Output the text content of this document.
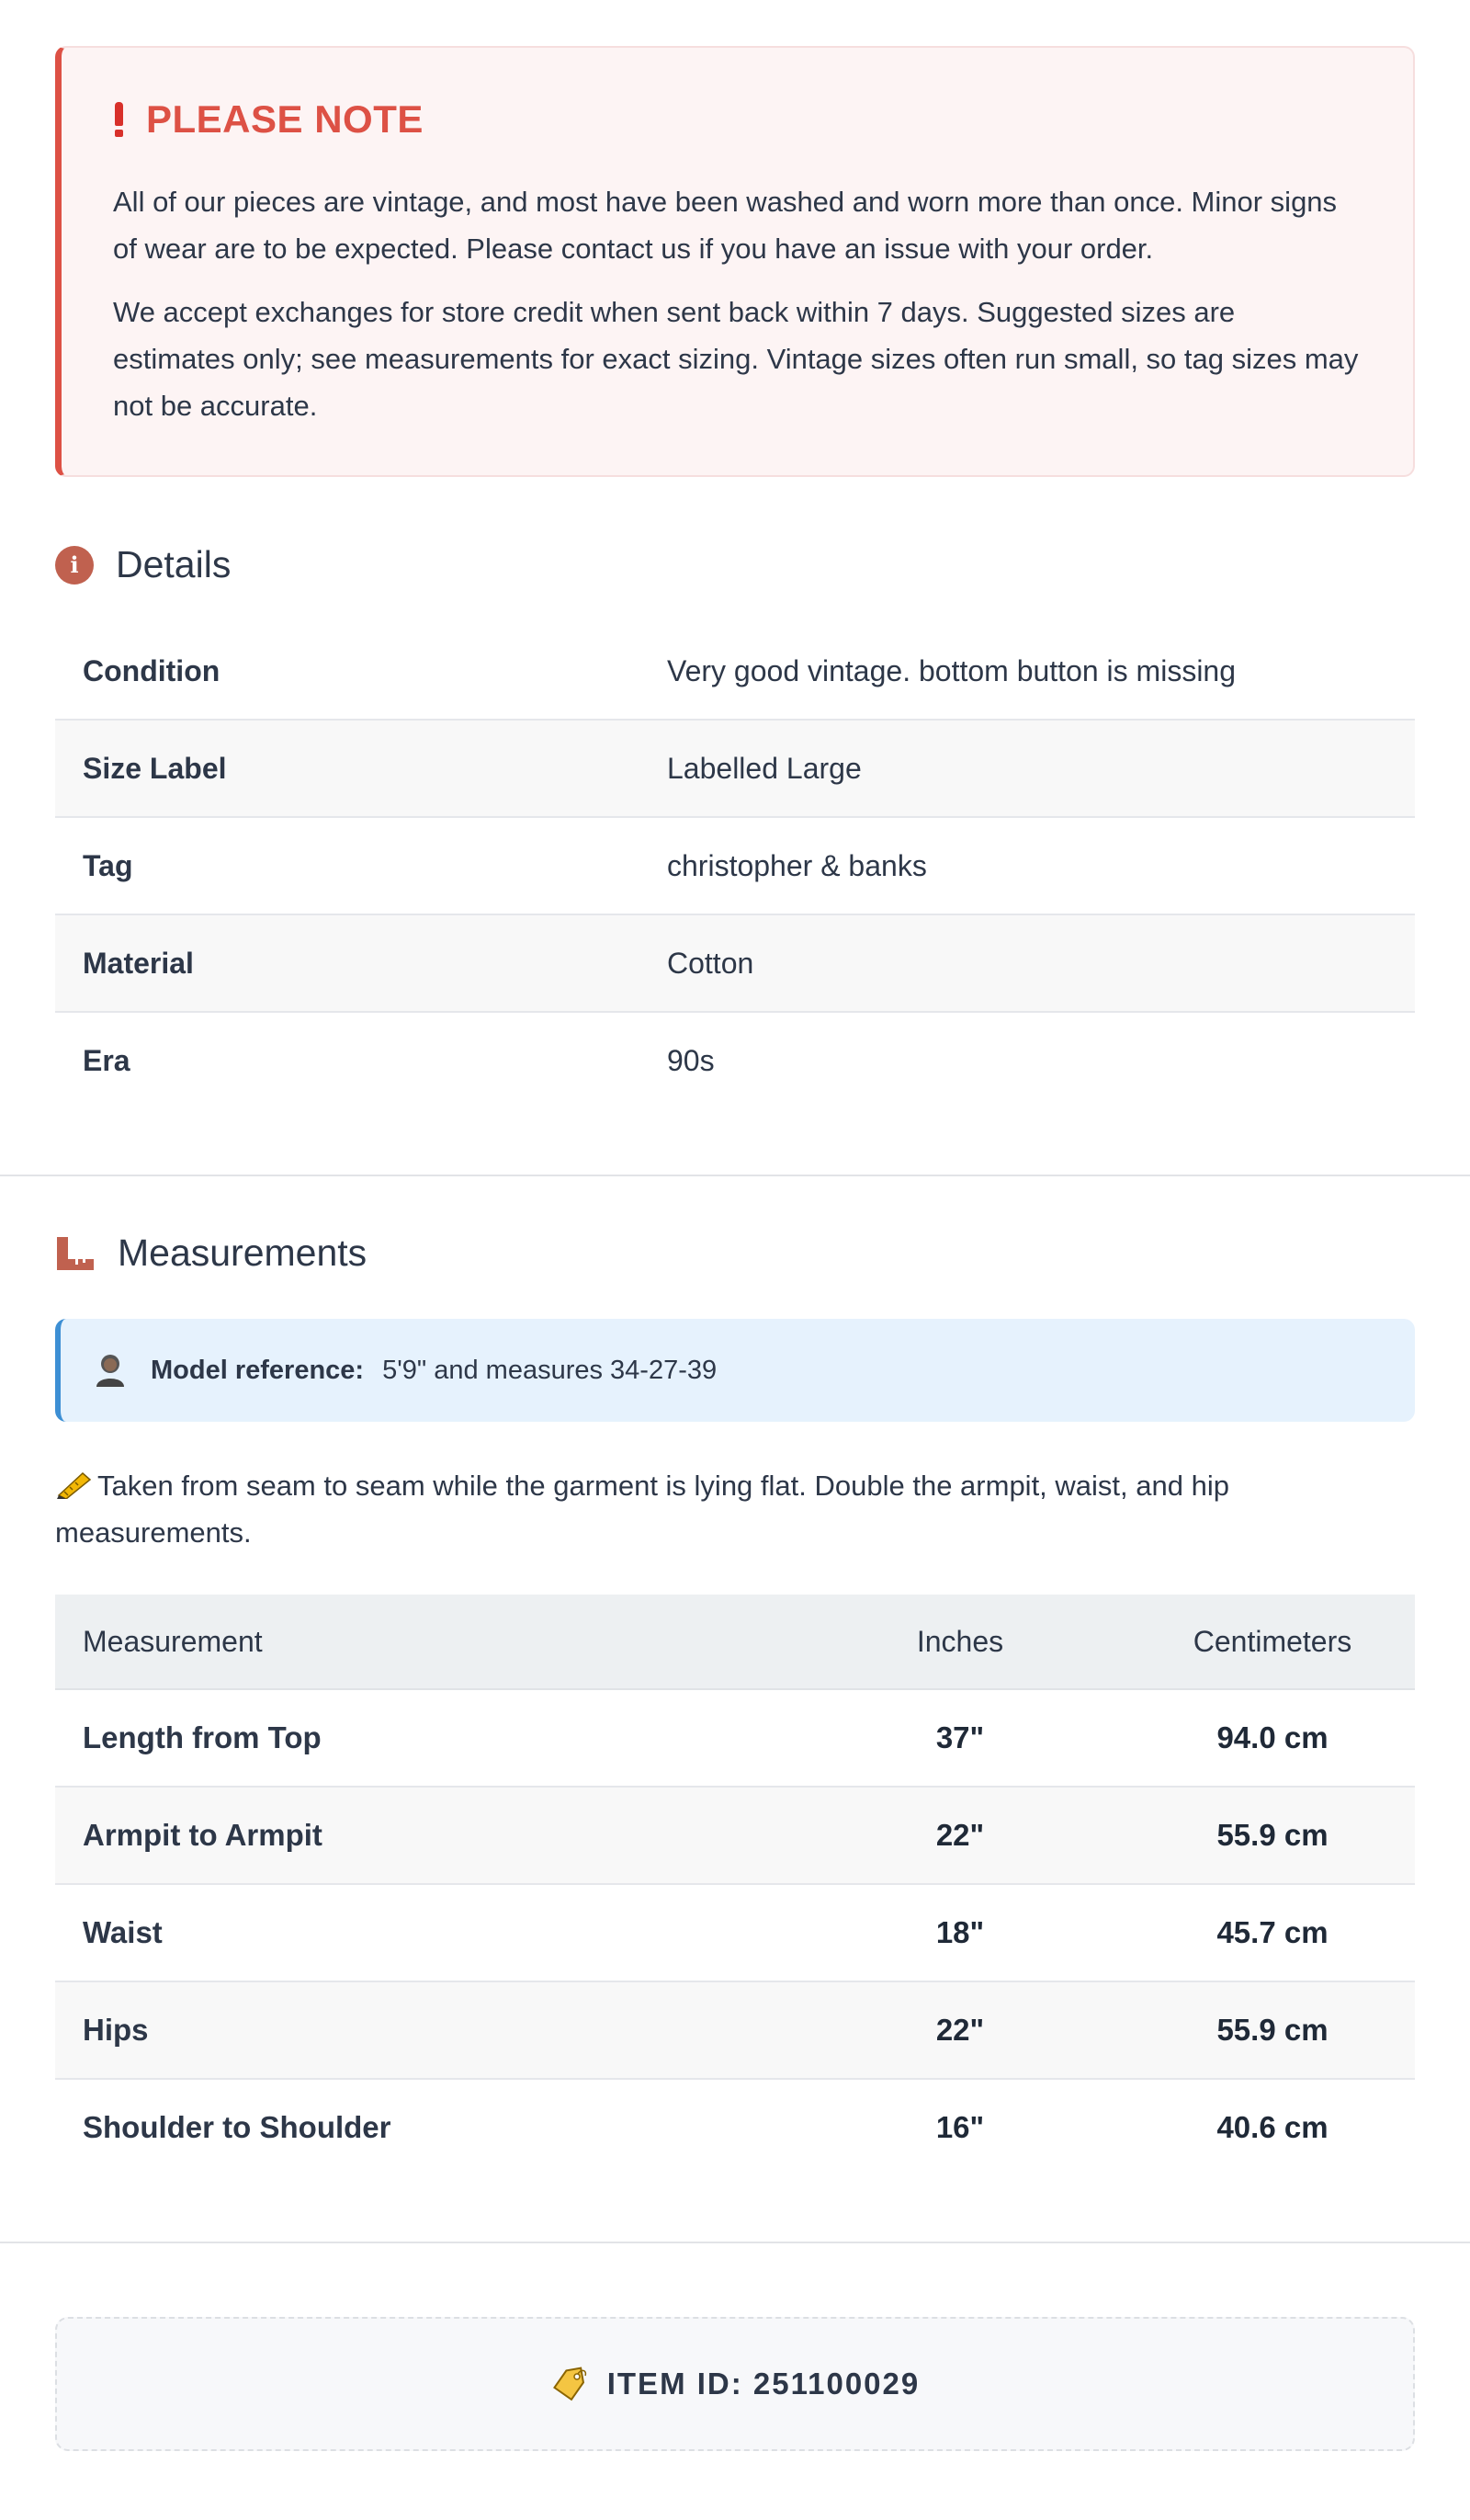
PLEASE NOTE

All of our pieces are vintage, and most have been washed and worn more than once. Minor signs of wear are to be expected. Please contact us if you have an issue with your order.

We accept exchanges for store credit when sent back within 7 days. Suggested sizes are estimates only; see measurements for exact sizing. Vintage sizes often run small, so tag sizes may not be accurate.

i Details
Condition	Very good vintage. bottom button is missing
Size Label	Labelled Large
Tag	christopher & banks
Material	Cotton
Era	90s
Measurements
Model reference: 5'9" and measures 34-27-39
Taken from seam to seam while the garment is lying flat. Double the armpit, waist, and hip measurements.
Measurement	Inches	Centimeters
Length from Top	37"	94.0 cm
Armpit to Armpit	22"	55.9 cm
Waist	18"	45.7 cm
Hips	22"	55.9 cm
Shoulder to Shoulder	16"	40.6 cm
ITEM ID: 251100029
